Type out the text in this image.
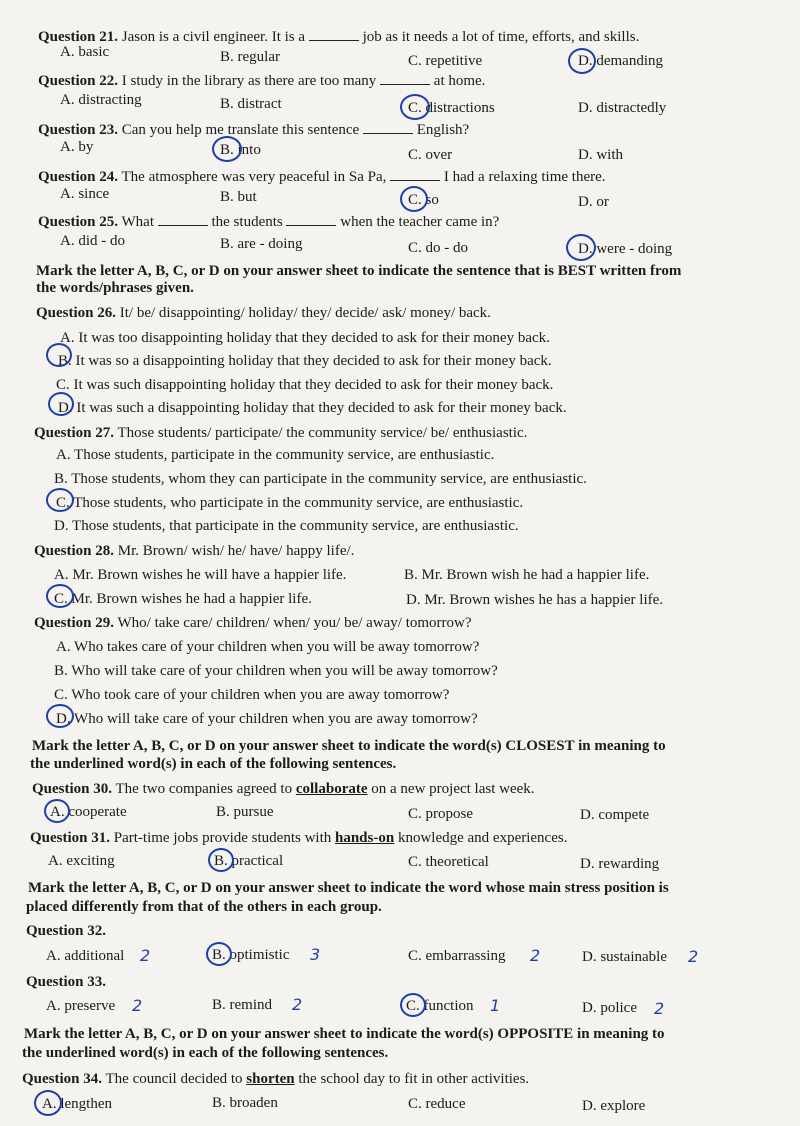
Question 21. Jason is a civil engineer. It is a	job as it needs a lot of time, efforts, and skills.
A. basic	B. regular	C. repetitive	D. demanding
Question 22. I study in the library as there are too many	at home.
A. distracting	B. distract	C. distractions	D. distractedly
Question 23. Can you help me translate this sentence	English?
A. by	B. into	C. over	D. with
Question 24. The atmosphere was very peaceful in Sa Pa,	I had a relaxing time there.
A. since	B. but	C. so	D. or
Question 25. What	the students	when the teacher came in?
A. did - do	B. are - doing	C. do - do	D. were - doing
Mark the letter A, B, C, or D on your answer sheet to indicate the sentence that is BEST written from
the words/phrases given.
Question 26. It/ be/ disappointing/ holiday/ they/ decide/ ask/ money/ back.
A. It was too disappointing holiday that they decided to ask for their money back.
B. It was so a disappointing holiday that they decided to ask for their money back.
C. It was such disappointing holiday that they decided to ask for their money back.
D. It was such a disappointing holiday that they decided to ask for their money back.
Question 27. Those students/ participate/ the community service/ be/ enthusiastic.
A. Those students, participate in the community service, are enthusiastic.
B. Those students, whom they can participate in the community service, are enthusiastic.
C. Those students, who participate in the community service, are enthusiastic.
D. Those students, that participate in the community service, are enthusiastic.
Question 28. Mr. Brown/ wish/ he/ have/ happy life/.
A. Mr. Brown wishes he will have a happier life.	B. Mr. Brown wish he had a happier life.
C. Mr. Brown wishes he had a happier life.	D. Mr. Brown wishes he has a happier life.
Question 29. Who/ take care/ children/ when/ you/ be/ away/ tomorrow?
A. Who takes care of your children when you will be away tomorrow?
B. Who will take care of your children when you will be away tomorrow?
C. Who took care of your children when you are away tomorrow?
D. Who will take care of your children when you are away tomorrow?
Mark the letter A, B, C, or D on your answer sheet to indicate the word(s) CLOSEST in meaning to
the underlined word(s) in each of the following sentences.
Question 30. The two companies agreed to collaborate on a new project last week.
A. cooperate	B. pursue	C. propose	D. compete
Question 31. Part-time jobs provide students with hands-on knowledge and experiences.
A. exciting	B. practical	C. theoretical	D. rewarding
Mark the letter A, B, C, or D on your answer sheet to indicate the word whose main stress position is
placed differently from that of the others in each group.
Question 32.
A. additional	B. optimistic	C. embarrassing	D. sustainable
2	3	2	2
Question 33.
A. preserve	B. remind	C. function	D. police
2	2	1	2
Mark the letter A, B, C, or D on your answer sheet to indicate the word(s) OPPOSITE in meaning to
the underlined word(s) in each of the following sentences.
Question 34. The council decided to shorten the school day to fit in other activities.
A. lengthen	B. broaden	C. reduce	D. explore
